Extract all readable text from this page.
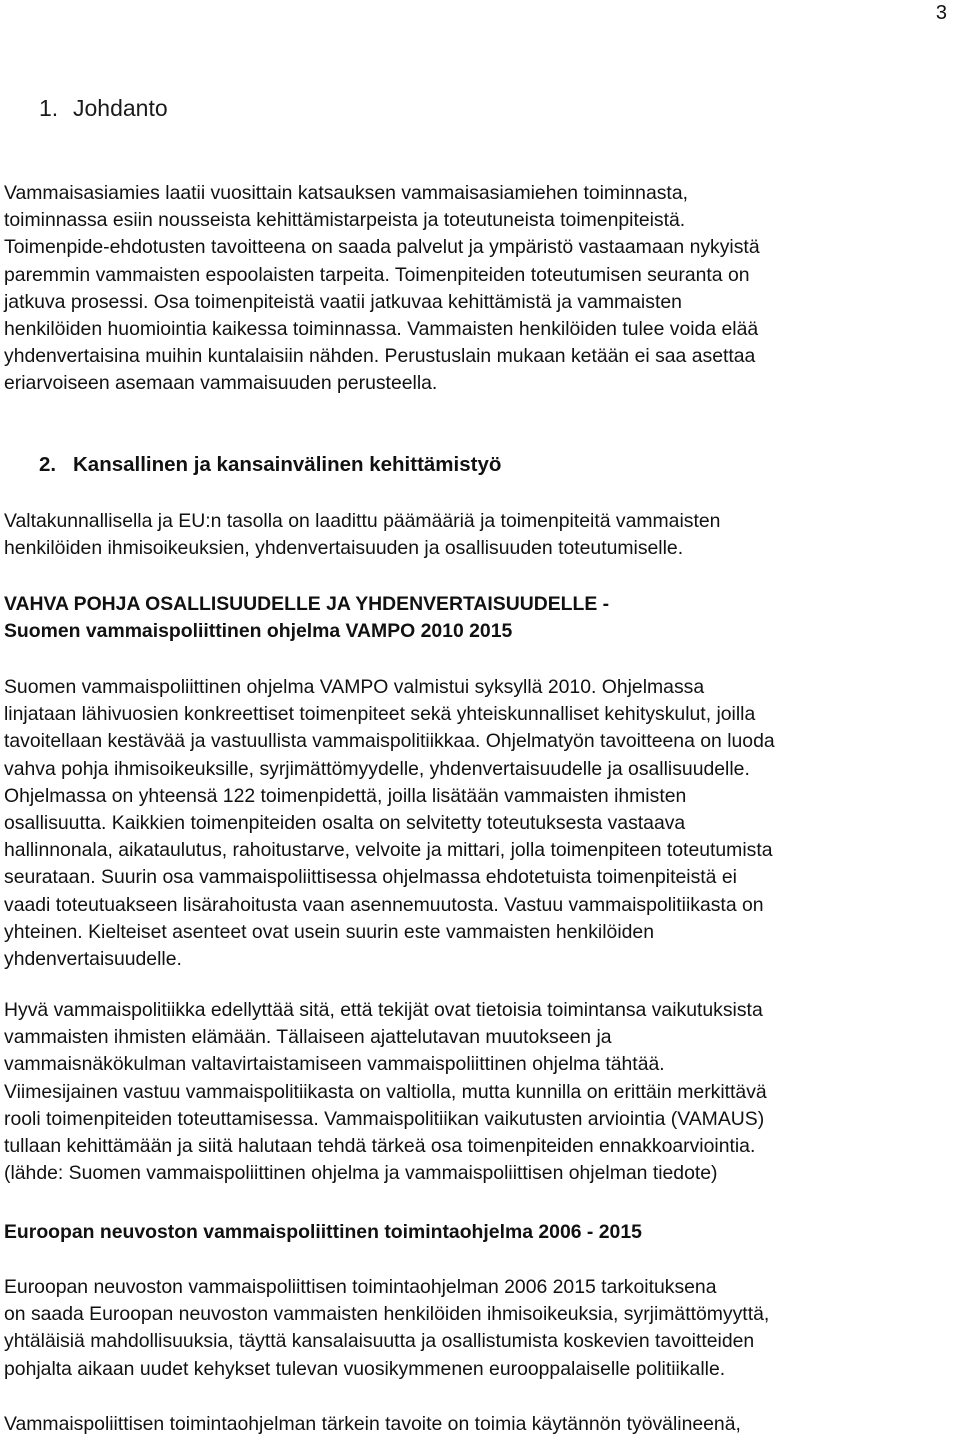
3
1. Johdanto
Vammaisasiamies laatii vuosittain katsauksen vammaisasiamiehen toiminnasta,
toiminnassa esiin nousseista kehittämistarpeista ja toteutuneista toimenpiteistä.
Toimenpide-ehdotusten tavoitteena on saada palvelut ja ympäristö vastaamaan nykyistä
paremmin vammaisten espoolaisten tarpeita. Toimenpiteiden toteutumisen seuranta on
jatkuva prosessi. Osa toimenpiteistä vaatii jatkuvaa kehittämistä ja vammaisten
henkilöiden huomiointia kaikessa toiminnassa. Vammaisten henkilöiden tulee voida elää
yhdenvertaisina muihin kuntalaisiin nähden. Perustuslain mukaan ketään ei saa asettaa
eriarvoiseen asemaan vammaisuuden perusteella.
2. Kansallinen ja kansainvälinen kehittämistyö
Valtakunnallisella ja EU:n tasolla on laadittu päämääriä ja toimenpiteitä vammaisten
henkilöiden ihmisoikeuksien, yhdenvertaisuuden ja osallisuuden toteutumiselle.
VAHVA POHJA OSALLISUUDELLE JA YHDENVERTAISUUDELLE -
Suomen vammaispoliittinen ohjelma VAMPO 2010 2015
Suomen vammaispoliittinen ohjelma VAMPO valmistui syksyllä 2010. Ohjelmassa
linjataan lähivuosien konkreettiset toimenpiteet sekä yhteiskunnalliset kehityskulut, joilla
tavoitellaan kestävää ja vastuullista vammaispolitiikkaa. Ohjelmatyön tavoitteena on luoda
vahva pohja ihmisoikeuksille, syrjimättömyydelle, yhdenvertaisuudelle ja osallisuudelle.
Ohjelmassa on yhteensä 122 toimenpidettä, joilla lisätään vammaisten ihmisten
osallisuutta. Kaikkien toimenpiteiden osalta on selvitetty toteutuksesta vastaava
hallinnonala, aikataulutus, rahoitustarve, velvoite ja mittari, jolla toimenpiteen toteutumista
seurataan. Suurin osa vammaispoliittisessa ohjelmassa ehdotetuista toimenpiteistä ei
vaadi toteutuakseen lisärahoitusta vaan asennemuutosta. Vastuu vammaispolitiikasta on
yhteinen. Kielteiset asenteet ovat usein suurin este vammaisten henkilöiden
yhdenvertaisuudelle.
Hyvä vammaispolitiikka edellyttää sitä, että tekijät ovat tietoisia toimintansa vaikutuksista
vammaisten ihmisten elämään. Tällaiseen ajattelutavan muutokseen ja
vammaisnäkökulman valtavirtaistamiseen vammaispoliittinen ohjelma tähtää.
Viimesijainen vastuu vammaispolitiikasta on valtiolla, mutta kunnilla on erittäin merkittävä
rooli toimenpiteiden toteuttamisessa. Vammaispolitiikan vaikutusten arviointia (VAMAUS)
tullaan kehittämään ja siitä halutaan tehdä tärkeä osa toimenpiteiden ennakkoarviointia.
(lähde: Suomen vammaispoliittinen ohjelma ja vammaispoliittisen ohjelman tiedote)
Euroopan neuvoston vammaispoliittinen toimintaohjelma 2006 - 2015
Euroopan neuvoston vammaispoliittisen toimintaohjelman 2006 2015 tarkoituksena
on saada Euroopan neuvoston vammaisten henkilöiden ihmisoikeuksia, syrjimättömyyttä,
yhtäläisiä mahdollisuuksia, täyttä kansalaisuutta ja osallistumista koskevien tavoitteiden
pohjalta aikaan uudet kehykset tulevan vuosikymmenen eurooppalaiselle politiikalle.
Vammaispoliittisen toimintaohjelman tärkein tavoite on toimia käytännön työvälineenä,
